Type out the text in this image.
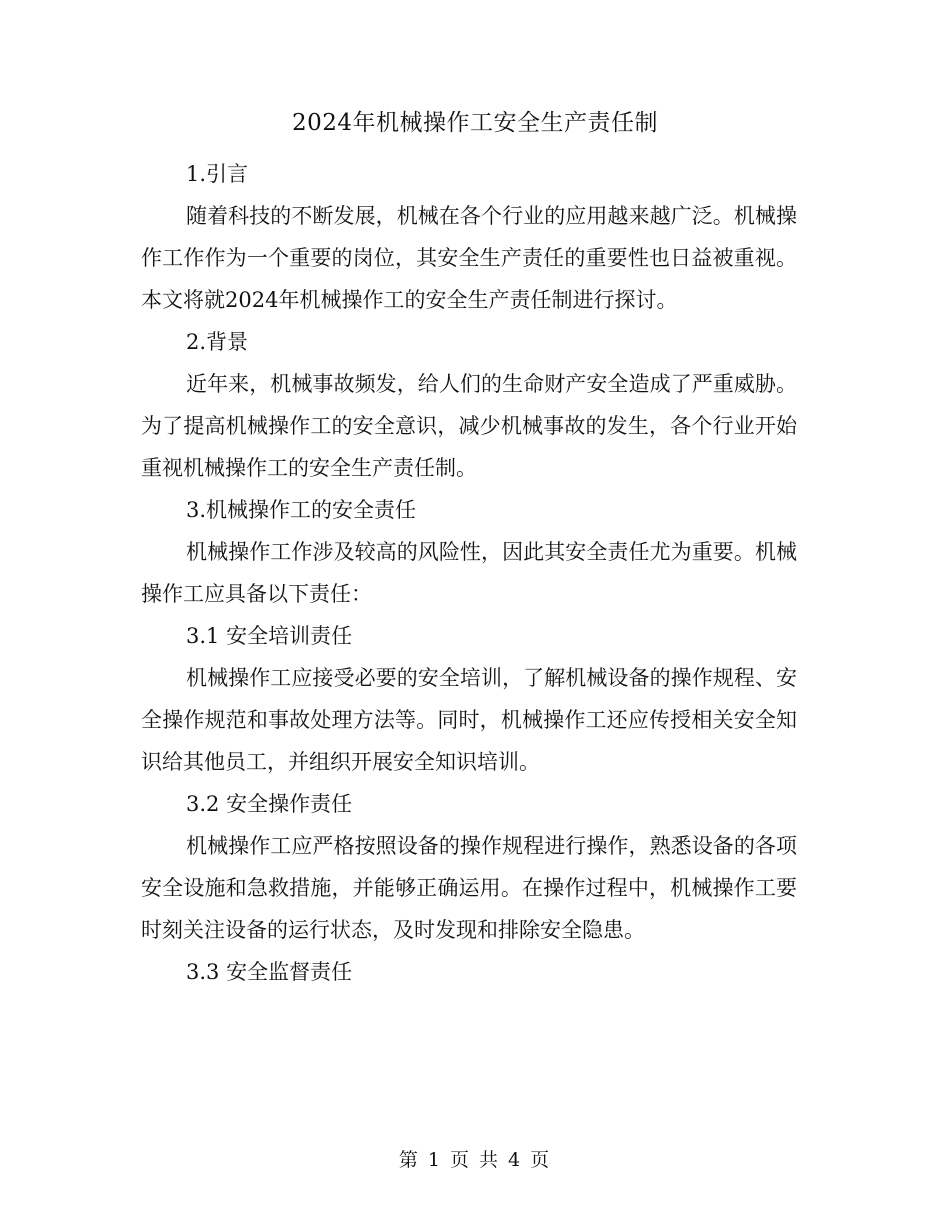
2024年机械操作工安全生产责任制

1.引言

随着科技的不断发展，机械在各个行业的应用越来越广泛。机械操作工作作为一个重要的岗位，其安全生产责任的重要性也日益被重视。本文将就2024年机械操作工的安全生产责任制进行探讨。

2.背景

近年来，机械事故频发，给人们的生命财产安全造成了严重威胁。为了提高机械操作工的安全意识，减少机械事故的发生，各个行业开始重视机械操作工的安全生产责任制。

3.机械操作工的安全责任

机械操作工作涉及较高的风险性，因此其安全责任尤为重要。机械操作工应具备以下责任：

3.1 安全培训责任

机械操作工应接受必要的安全培训，了解机械设备的操作规程、安全操作规范和事故处理方法等。同时，机械操作工还应传授相关安全知识给其他员工，并组织开展安全知识培训。

3.2 安全操作责任

机械操作工应严格按照设备的操作规程进行操作，熟悉设备的各项安全设施和急救措施，并能够正确运用。在操作过程中，机械操作工要时刻关注设备的运行状态，及时发现和排除安全隐患。

3.3 安全监督责任

第 1 页 共 4 页
